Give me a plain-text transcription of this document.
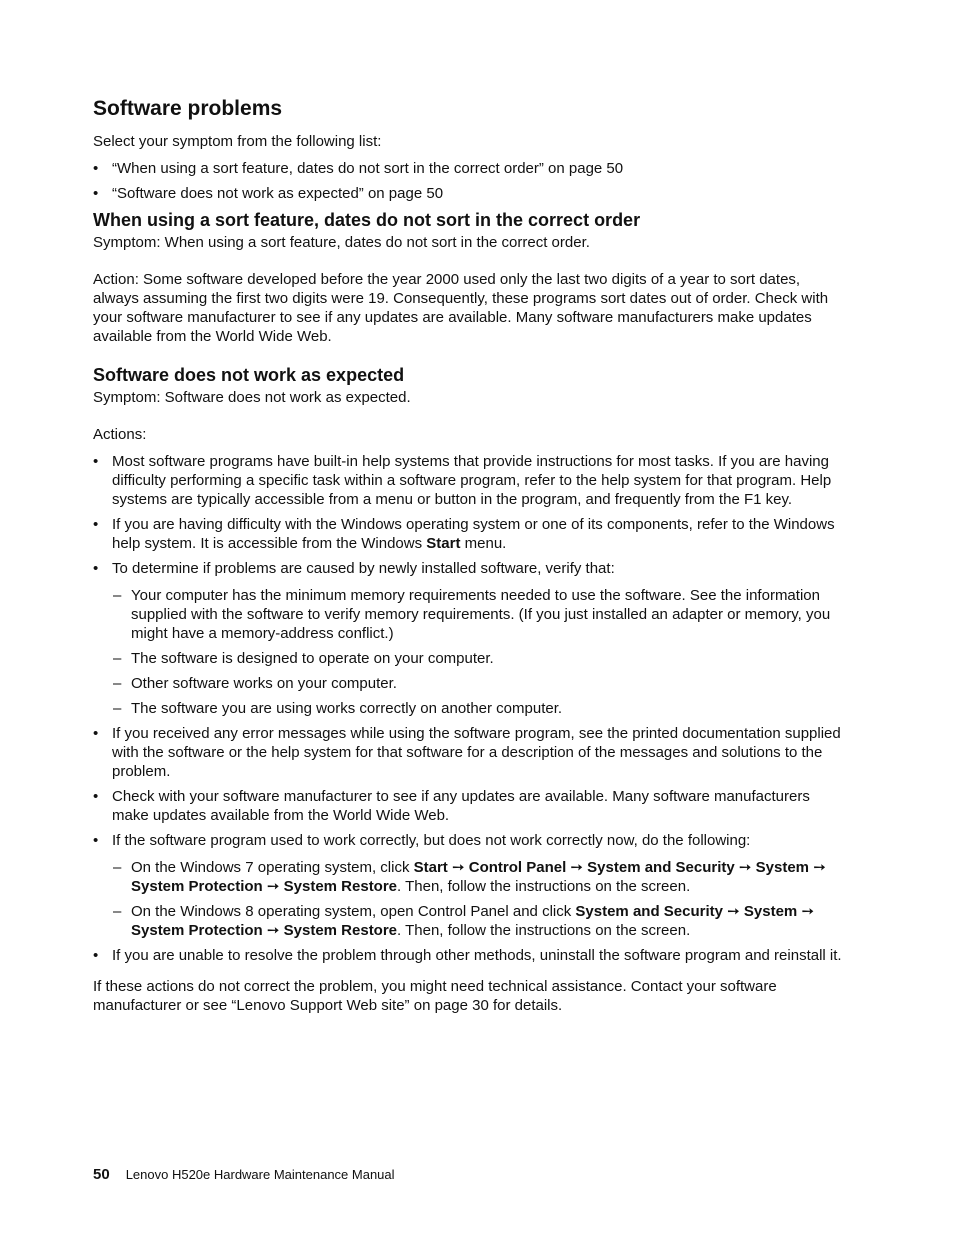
Software problems

Select your symptom from the following list:

• “When using a sort feature, dates do not sort in the correct order” on page 50
• “Software does not work as expected” on page 50
When using a sort feature, dates do not sort in the correct order

Symptom: When using a sort feature, dates do not sort in the correct order.

Action: Some software developed before the year 2000 used only the last two digits of a year to sort dates, always assuming the first two digits were 19. Consequently, these programs sort dates out of order. Check with your software manufacturer to see if any updates are available. Many software manufacturers make updates available from the World Wide Web.

Software does not work as expected

Symptom: Software does not work as expected.

Actions:

• Most software programs have built-in help systems that provide instructions for most tasks. If you are having difficulty performing a specific task within a software program, refer to the help system for that program. Help systems are typically accessible from a menu or button in the program, and frequently from the F1 key.
• If you are having difficulty with the Windows operating system or one of its components, refer to the Windows help system. It is accessible from the Windows Start menu.
• To determine if problems are caused by newly installed software, verify that:
– Your computer has the minimum memory requirements needed to use the software. See the information supplied with the software to verify memory requirements. (If you just installed an adapter or memory, you might have a memory-address conflict.)
– The software is designed to operate on your computer.
– Other software works on your computer.
– The software you are using works correctly on another computer.
• If you received any error messages while using the software program, see the printed documentation supplied with the software or the help system for that software for a description of the messages and solutions to the problem.
• Check with your software manufacturer to see if any updates are available. Many software manufacturers make updates available from the World Wide Web.
• If the software program used to work correctly, but does not work correctly now, do the following:
– On the Windows 7 operating system, click Start ➙ Control Panel ➙ System and Security ➙ System ➙ System Protection ➙ System Restore. Then, follow the instructions on the screen.
– On the Windows 8 operating system, open Control Panel and click System and Security ➙ System ➙ System Protection ➙ System Restore. Then, follow the instructions on the screen.
• If you are unable to resolve the problem through other methods, uninstall the software program and reinstall it.

If these actions do not correct the problem, you might need technical assistance. Contact your software manufacturer or see “Lenovo Support Web site” on page 30 for details.

50 Lenovo H520e Hardware Maintenance Manual
